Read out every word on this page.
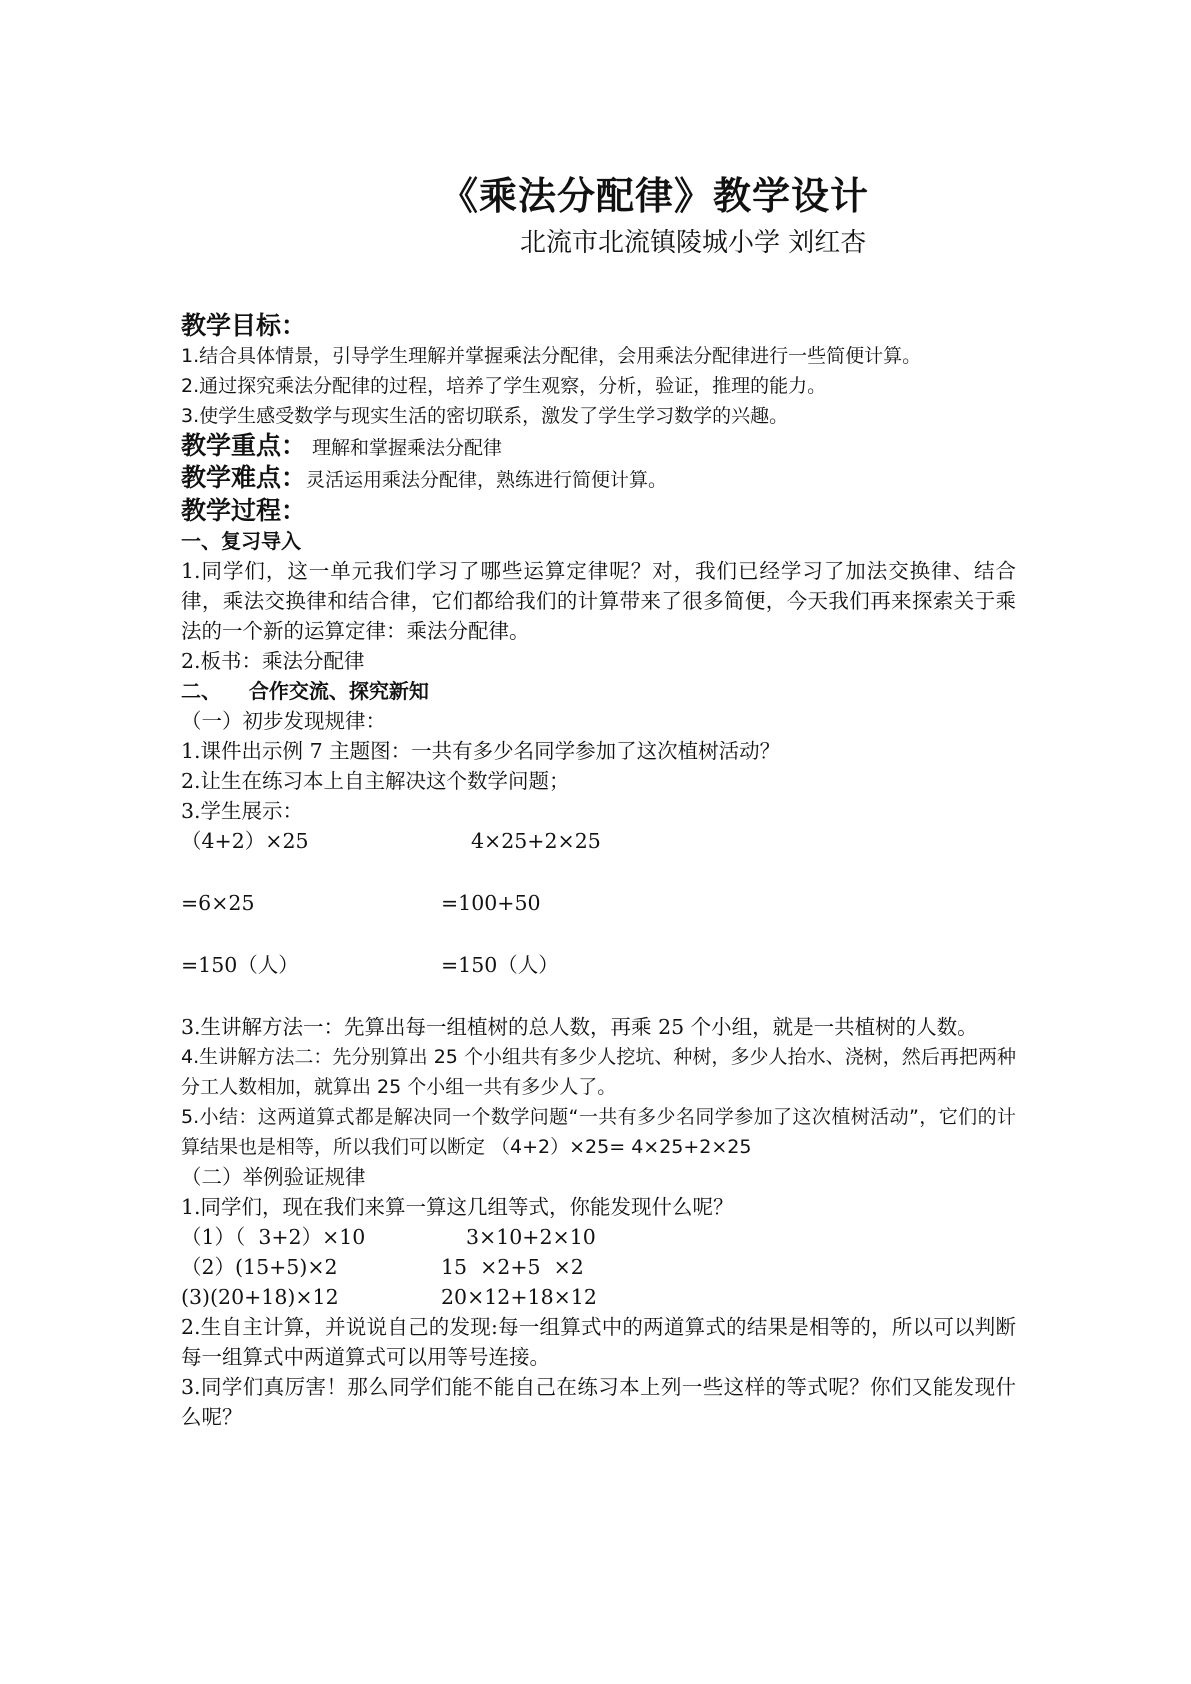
《乘法分配律》教学设计
北流市北流镇陵城小学 刘红杏

教学目标：

1.结合具体情景，引导学生理解并掌握乘法分配律，会用乘法分配律进行一些简便计算。

2.通过探究乘法分配律的过程，培养了学生观察，分析，验证，推理的能力。

3.使学生感受数学与现实生活的密切联系，激发了学生学习数学的兴趣。

教学重点： 理解和掌握乘法分配律

教学难点：灵活运用乘法分配律，熟练进行简便计算。

教学过程：

一、复习导入

1.同学们，这一单元我们学习了哪些运算定律呢？对，我们已经学习了加法交换律、结合律，乘法交换律和结合律，它们都给我们的计算带来了很多简便，今天我们再来探索关于乘法的一个新的运算定律：乘法分配律。

2.板书：乘法分配律

二、    合作交流、探究新知

（一）初步发现规律：

1.课件出示例 7 主题图：一共有多少名同学参加了这次植树活动？

2.让生在练习本上自主解决这个数学问题；

3.学生展示：

（4+2）×25	4×25+2×25
=6×25	=100+50
=150（人）	=150（人）

3.生讲解方法一：先算出每一组植树的总人数，再乘 25 个小组，就是一共植树的人数。

4.生讲解方法二：先分别算出 25 个小组共有多少人挖坑、种树，多少人抬水、浇树，然后再把两种分工人数相加，就算出 25 个小组一共有多少人了。

5.小结：这两道算式都是解决同一个数学问题“一共有多少名同学参加了这次植树活动”，它们的计算结果也是相等，所以我们可以断定 （4+2）×25= 4×25+2×25

（二）举例验证规律

1.同学们，现在我们来算一算这几组等式，你能发现什么呢？

（1）（  3+2）×10	3×10+2×10
（2）(15+5)×2	15  ×2+5  ×2
(3)(20+18)×12	20×12+18×12

2.生自主计算，并说说自己的发现:每一组算式中的两道算式的结果是相等的，所以可以判断每一组算式中两道算式可以用等号连接。

3.同学们真厉害！那么同学们能不能自己在练习本上列一些这样的等式呢？你们又能发现什么呢？
